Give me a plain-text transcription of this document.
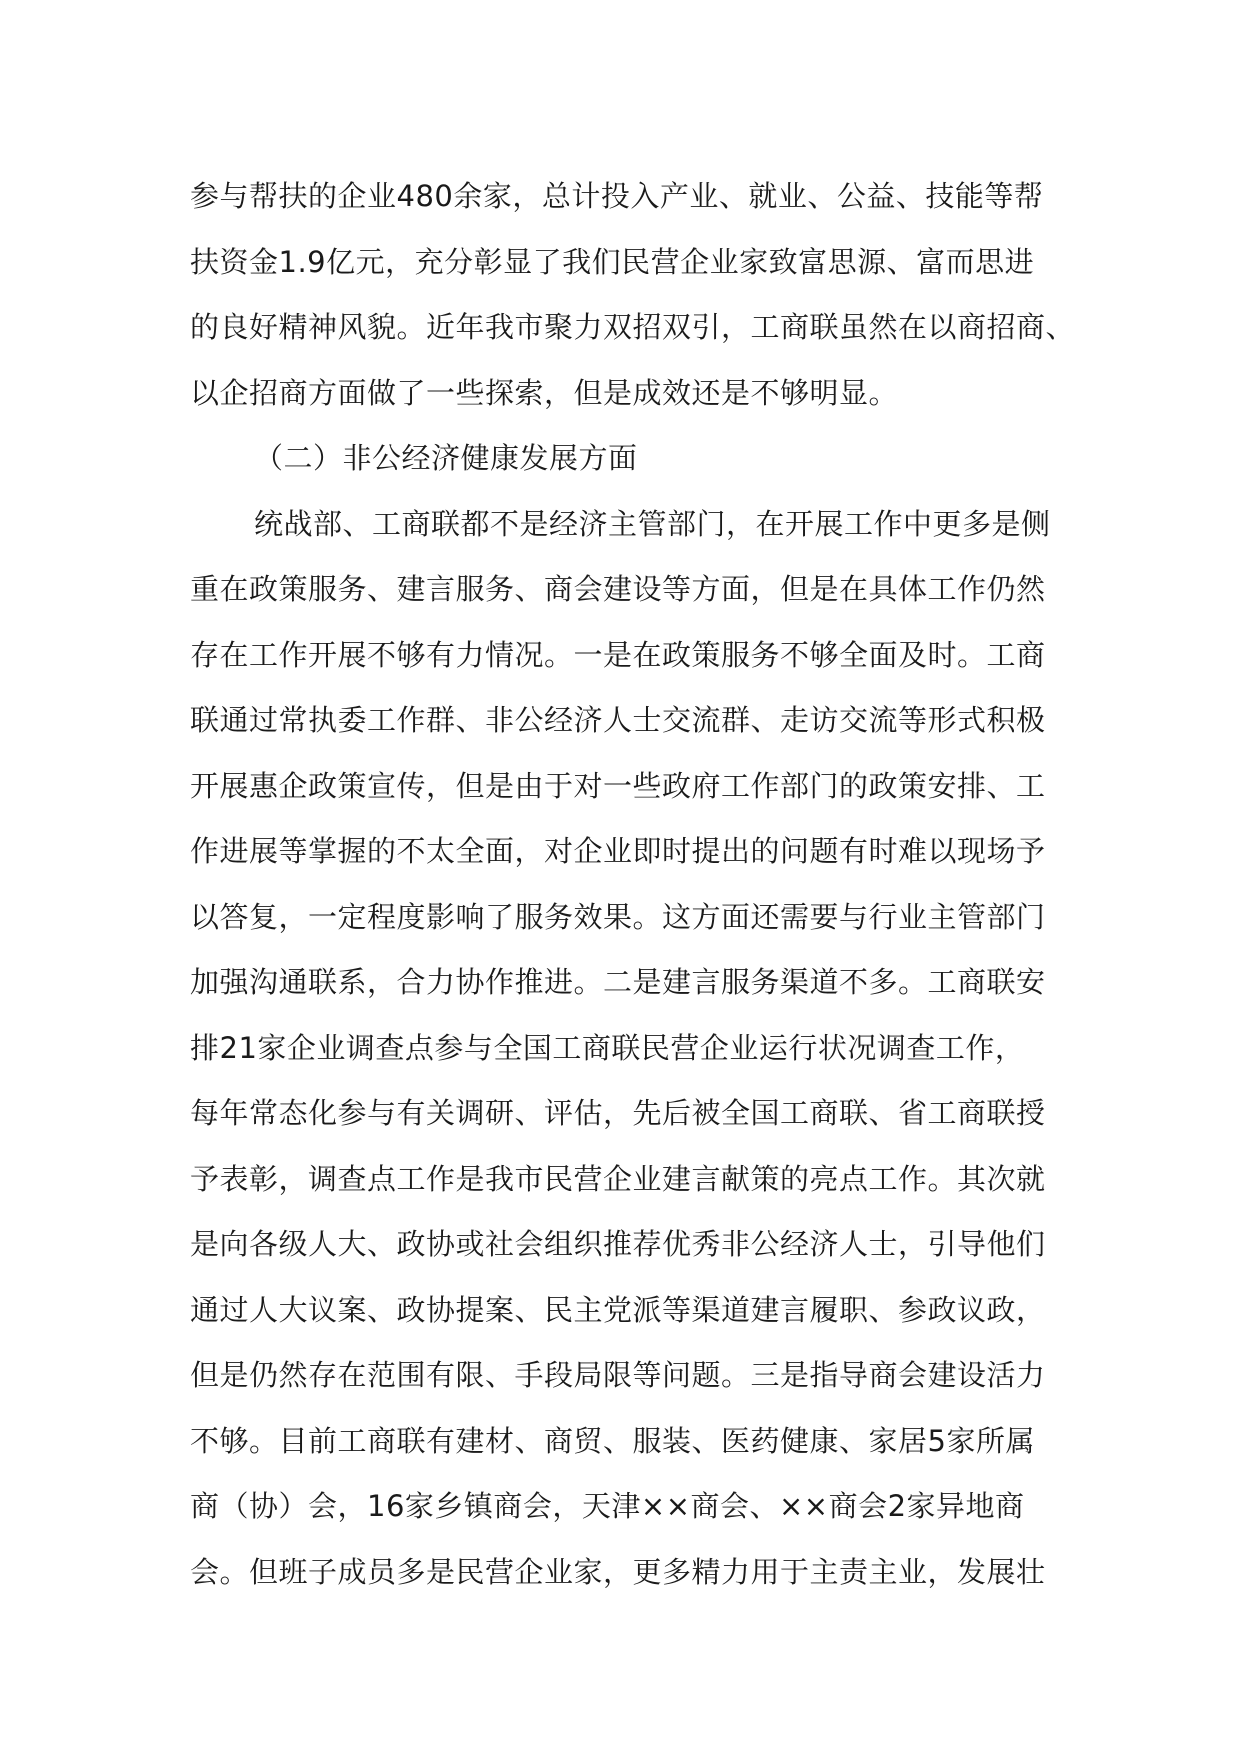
参与帮扶的企业480余家，总计投入产业、就业、公益、技能等帮
扶资金1.9亿元，充分彰显了我们民营企业家致富思源、富而思进
的良好精神风貌。近年我市聚力双招双引，工商联虽然在以商招商、
以企招商方面做了一些探索，但是成效还是不够明显。
（二）非公经济健康发展方面
统战部、工商联都不是经济主管部门，在开展工作中更多是侧
重在政策服务、建言服务、商会建设等方面，但是在具体工作仍然
存在工作开展不够有力情况。一是在政策服务不够全面及时。工商
联通过常执委工作群、非公经济人士交流群、走访交流等形式积极
开展惠企政策宣传，但是由于对一些政府工作部门的政策安排、工
作进展等掌握的不太全面，对企业即时提出的问题有时难以现场予
以答复，一定程度影响了服务效果。这方面还需要与行业主管部门
加强沟通联系，合力协作推进。二是建言服务渠道不多。工商联安
排21家企业调查点参与全国工商联民营企业运行状况调查工作，
每年常态化参与有关调研、评估，先后被全国工商联、省工商联授
予表彰，调查点工作是我市民营企业建言献策的亮点工作。其次就
是向各级人大、政协或社会组织推荐优秀非公经济人士，引导他们
通过人大议案、政协提案、民主党派等渠道建言履职、参政议政，
但是仍然存在范围有限、手段局限等问题。三是指导商会建设活力
不够。目前工商联有建材、商贸、服装、医药健康、家居5家所属
商（协）会，16家乡镇商会，天津××商会、××商会2家异地商
会。但班子成员多是民营企业家，更多精力用于主责主业，发展壮
